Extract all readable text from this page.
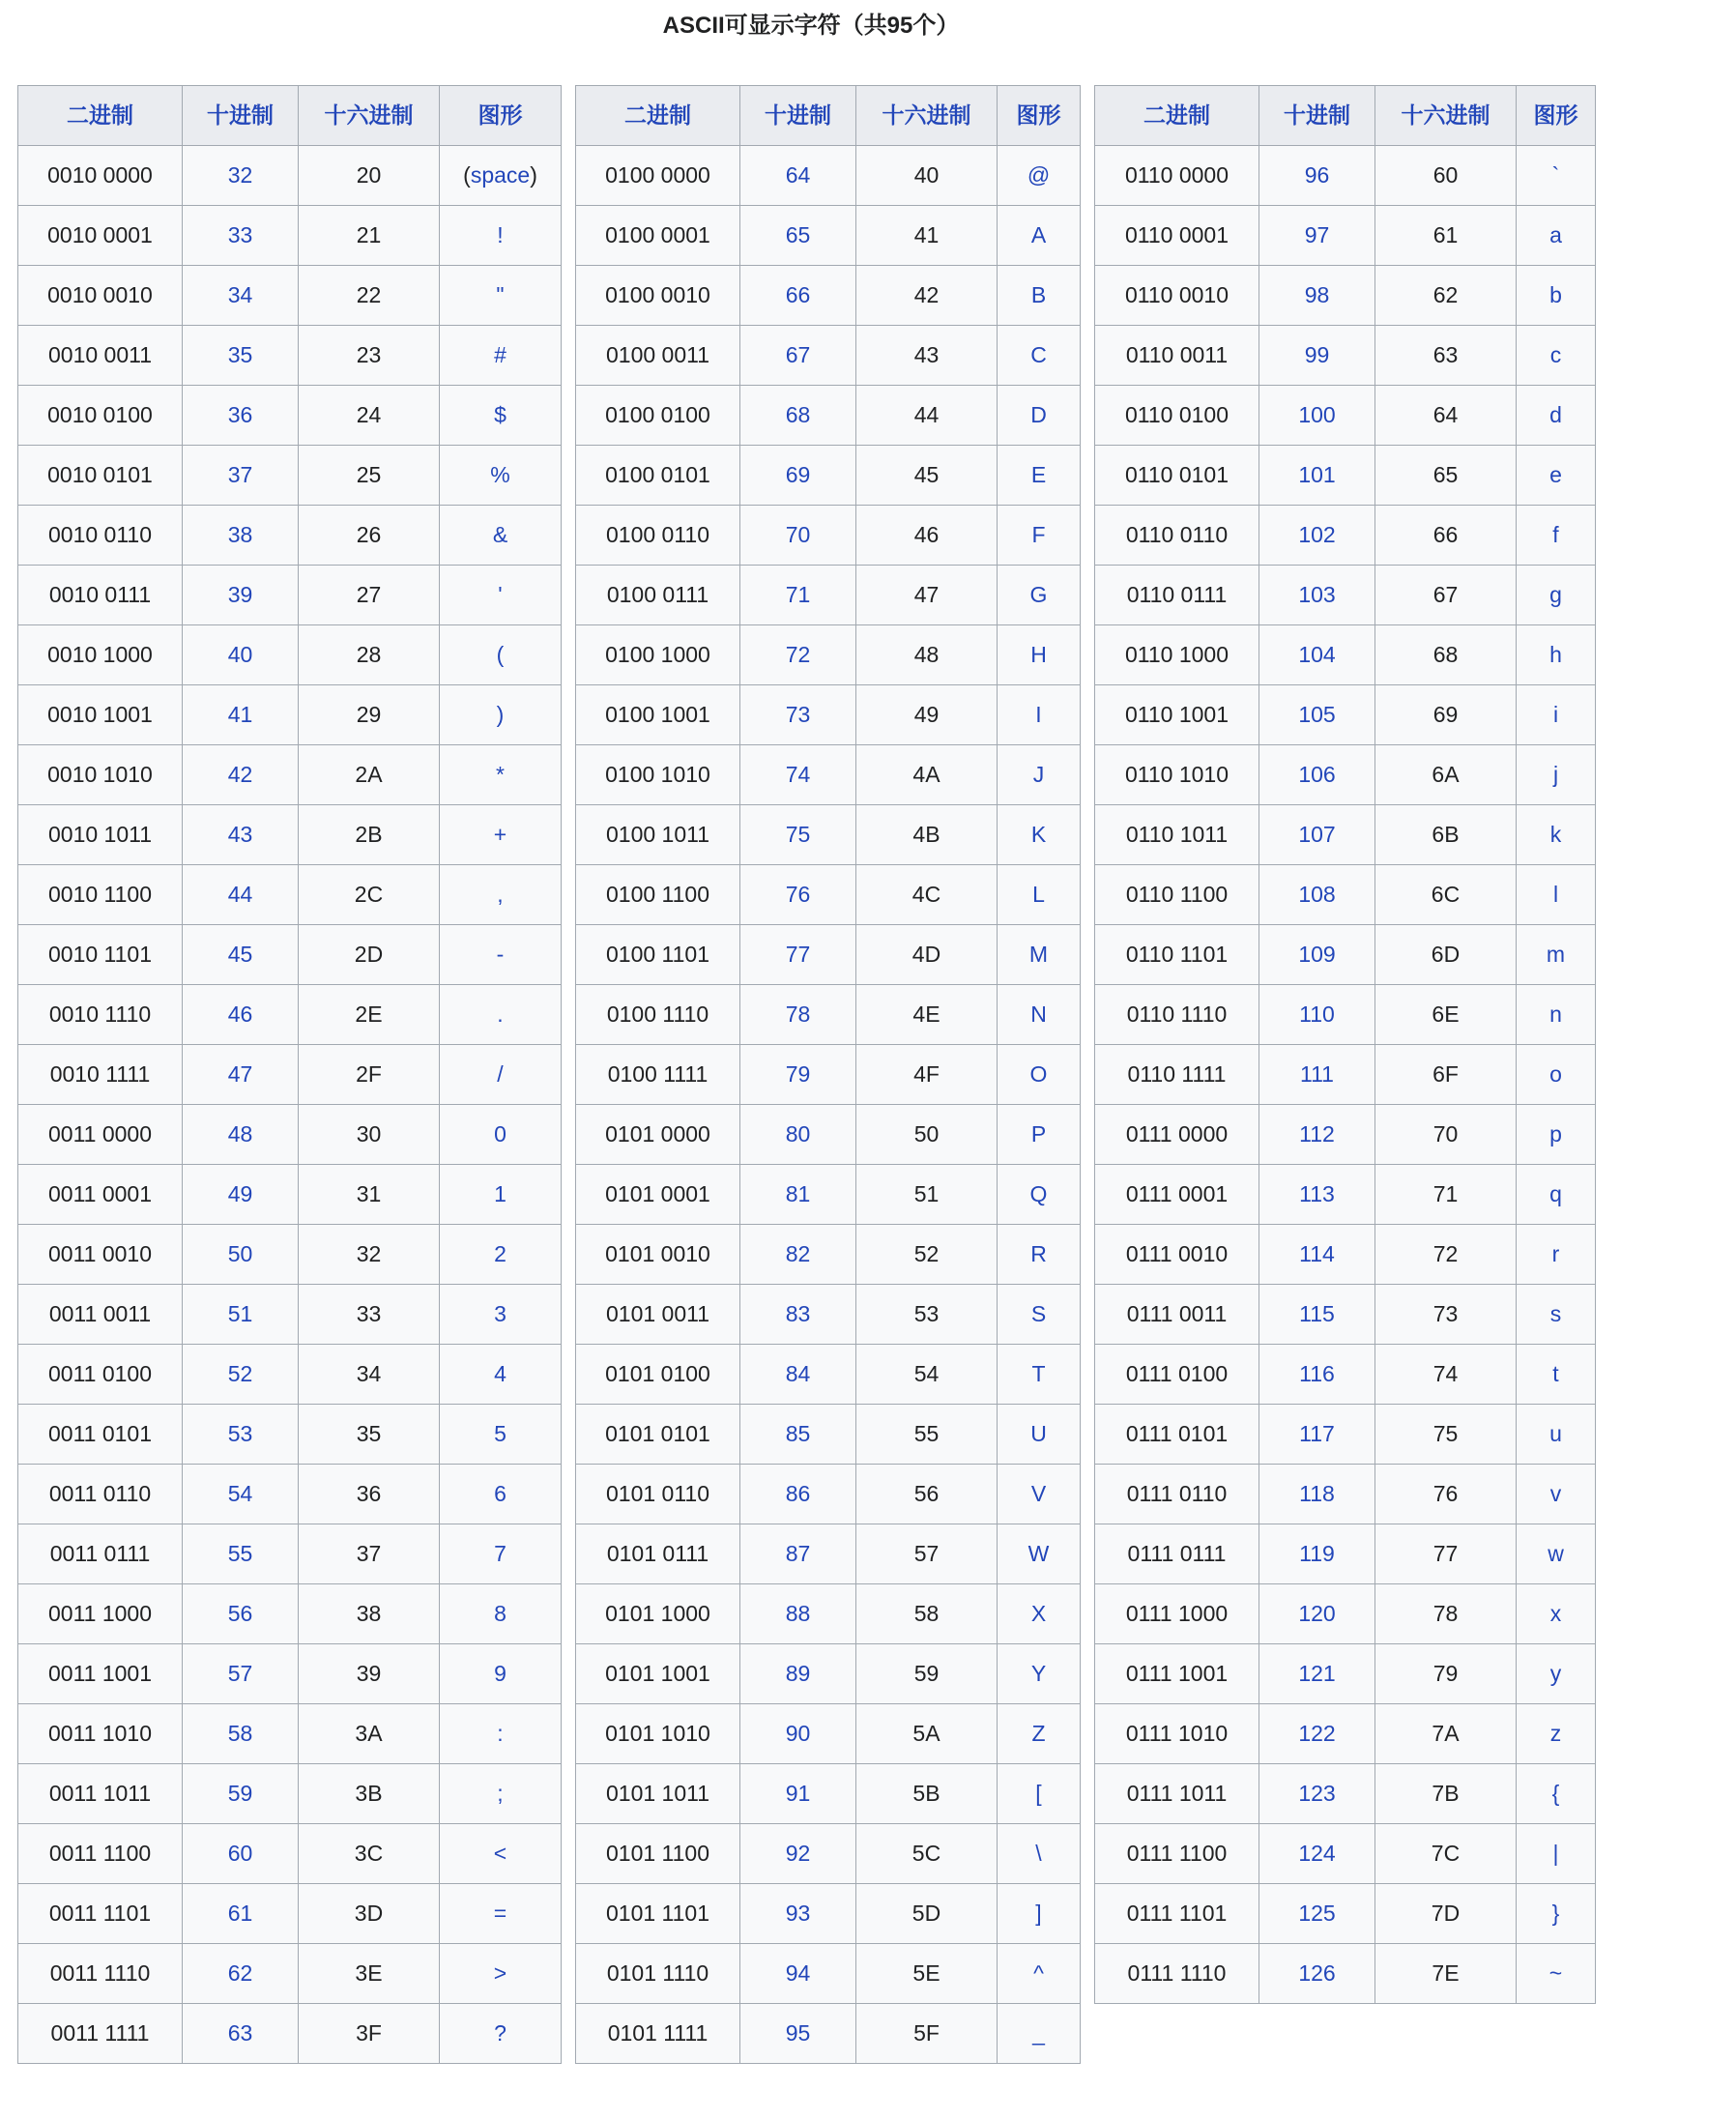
ASCII可显示字符（共95个）
二进制	十进制	十六进制	图形
0010 0000	32	20	(space)
0010 0001	33	21	!
0010 0010	34	22	"
0010 0011	35	23	#
0010 0100	36	24	$
0010 0101	37	25	%
0010 0110	38	26	&
0010 0111	39	27	'
0010 1000	40	28	(
0010 1001	41	29	)
0010 1010	42	2A	*
0010 1011	43	2B	+
0010 1100	44	2C	,
0010 1101	45	2D	-
0010 1110	46	2E	.
0010 1111	47	2F	/
0011 0000	48	30	0
0011 0001	49	31	1
0011 0010	50	32	2
0011 0011	51	33	3
0011 0100	52	34	4
0011 0101	53	35	5
0011 0110	54	36	6
0011 0111	55	37	7
0011 1000	56	38	8
0011 1001	57	39	9
0011 1010	58	3A	:
0011 1011	59	3B	;
0011 1100	60	3C	<
0011 1101	61	3D	=
0011 1110	62	3E	>
0011 1111	63	3F	?
二进制	十进制	十六进制	图形
0100 0000	64	40	@
0100 0001	65	41	A
0100 0010	66	42	B
0100 0011	67	43	C
0100 0100	68	44	D
0100 0101	69	45	E
0100 0110	70	46	F
0100 0111	71	47	G
0100 1000	72	48	H
0100 1001	73	49	I
0100 1010	74	4A	J
0100 1011	75	4B	K
0100 1100	76	4C	L
0100 1101	77	4D	M
0100 1110	78	4E	N
0100 1111	79	4F	O
0101 0000	80	50	P
0101 0001	81	51	Q
0101 0010	82	52	R
0101 0011	83	53	S
0101 0100	84	54	T
0101 0101	85	55	U
0101 0110	86	56	V
0101 0111	87	57	W
0101 1000	88	58	X
0101 1001	89	59	Y
0101 1010	90	5A	Z
0101 1011	91	5B	[
0101 1100	92	5C	\
0101 1101	93	5D	]
0101 1110	94	5E	^
0101 1111	95	5F	_
二进制	十进制	十六进制	图形
0110 0000	96	60	`
0110 0001	97	61	a
0110 0010	98	62	b
0110 0011	99	63	c
0110 0100	100	64	d
0110 0101	101	65	e
0110 0110	102	66	f
0110 0111	103	67	g
0110 1000	104	68	h
0110 1001	105	69	i
0110 1010	106	6A	j
0110 1011	107	6B	k
0110 1100	108	6C	l
0110 1101	109	6D	m
0110 1110	110	6E	n
0110 1111	111	6F	o
0111 0000	112	70	p
0111 0001	113	71	q
0111 0010	114	72	r
0111 0011	115	73	s
0111 0100	116	74	t
0111 0101	117	75	u
0111 0110	118	76	v
0111 0111	119	77	w
0111 1000	120	78	x
0111 1001	121	79	y
0111 1010	122	7A	z
0111 1011	123	7B	{
0111 1100	124	7C	|
0111 1101	125	7D	}
0111 1110	126	7E	~
